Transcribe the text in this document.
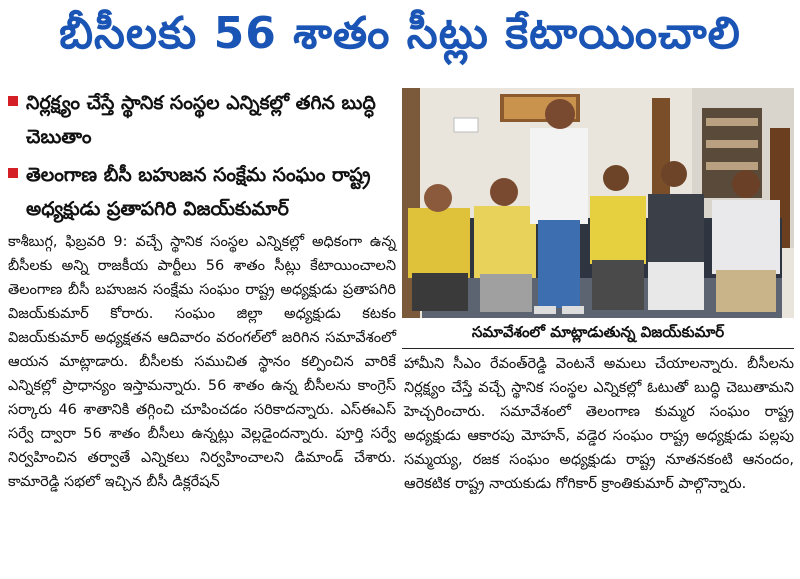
బీసీలకు 56 శాతం సీట్లు కేటాయించాలి
నిర్లక్ష్యం చేస్తే స్థానిక సంస్థల ఎన్నికల్లో తగిన బుద్ధి చెబుతాం
తెలంగాణ బీసీ బహుజన సంక్షేమ సంఘం రాష్ట్ర అధ్యక్షుడు ప్రతాపగిరి విజయ్‌కుమార్
కాశీబుగ్గ, ఫిబ్రవరి 9: వచ్చే స్థానిక సంస్థల ఎన్నికల్లో అధికంగా ఉన్న బీసీలకు అన్ని రాజకీయ పార్టీలు 56 శాతం సీట్లు కేటాయించాలని తెలంగాణ బీసీ బహుజన సంక్షేమ సంఘం రాష్ట్ర అధ్యక్షుడు ప్రతాపగిరి విజయ్‌కుమార్ కోరారు. సంఘం జిల్లా అధ్యక్షుడు కటకం విజయ్‌కుమార్ అధ్యక్షతన ఆదివారం వరంగల్‌లో జరిగిన సమావేశంలో ఆయన మాట్లాడారు. బీసీలకు సముచిత స్థానం కల్పించిన వారికే ఎన్నికల్లో ప్రాధాన్యం ఇస్తామన్నారు. 56 శాతం ఉన్న బీసీలను కాంగ్రెస్ సర్కారు 46 శాతానికి తగ్గించి చూపించడం సరికాదన్నారు. ఎస్‌ఈఎస్ సర్వే ద్వారా 56 శాతం బీసీలు ఉన్నట్లు వెల్లడైందన్నారు. పూర్తి సర్వే నిర్వహించిన తర్వాతే ఎన్నికలు నిర్వహించాలని డిమాండ్ చేశారు. కామారెడ్డి సభలో ఇచ్చిన బీసీ డిక్లరేషన్
సమావేశంలో మాట్లాడుతున్న విజయ్‌కుమార్
హామీని సీఎం రేవంత్‌రెడ్డి వెంటనే అమలు చేయాలన్నారు. బీసీలను నిర్లక్ష్యం చేస్తే వచ్చే స్థానిక సంస్థల ఎన్నికల్లో ఓటుతో బుద్ధి చెబుతామని హెచ్చరించారు. సమావేశంలో తెలంగాణ కుమ్మర సంఘం రాష్ట్ర అధ్యక్షుడు ఆకారపు మోహన్, వడ్డెర సంఘం రాష్ట్ర అధ్యక్షుడు పల్లపు సమ్మయ్య, రజక సంఘం అధ్యక్షుడు రాష్ట్ర నూతనకంటి ఆనందం, ఆరెకటిక రాష్ట్ర నాయకుడు గోగికార్ క్రాంతికుమార్ పాల్గొన్నారు.
